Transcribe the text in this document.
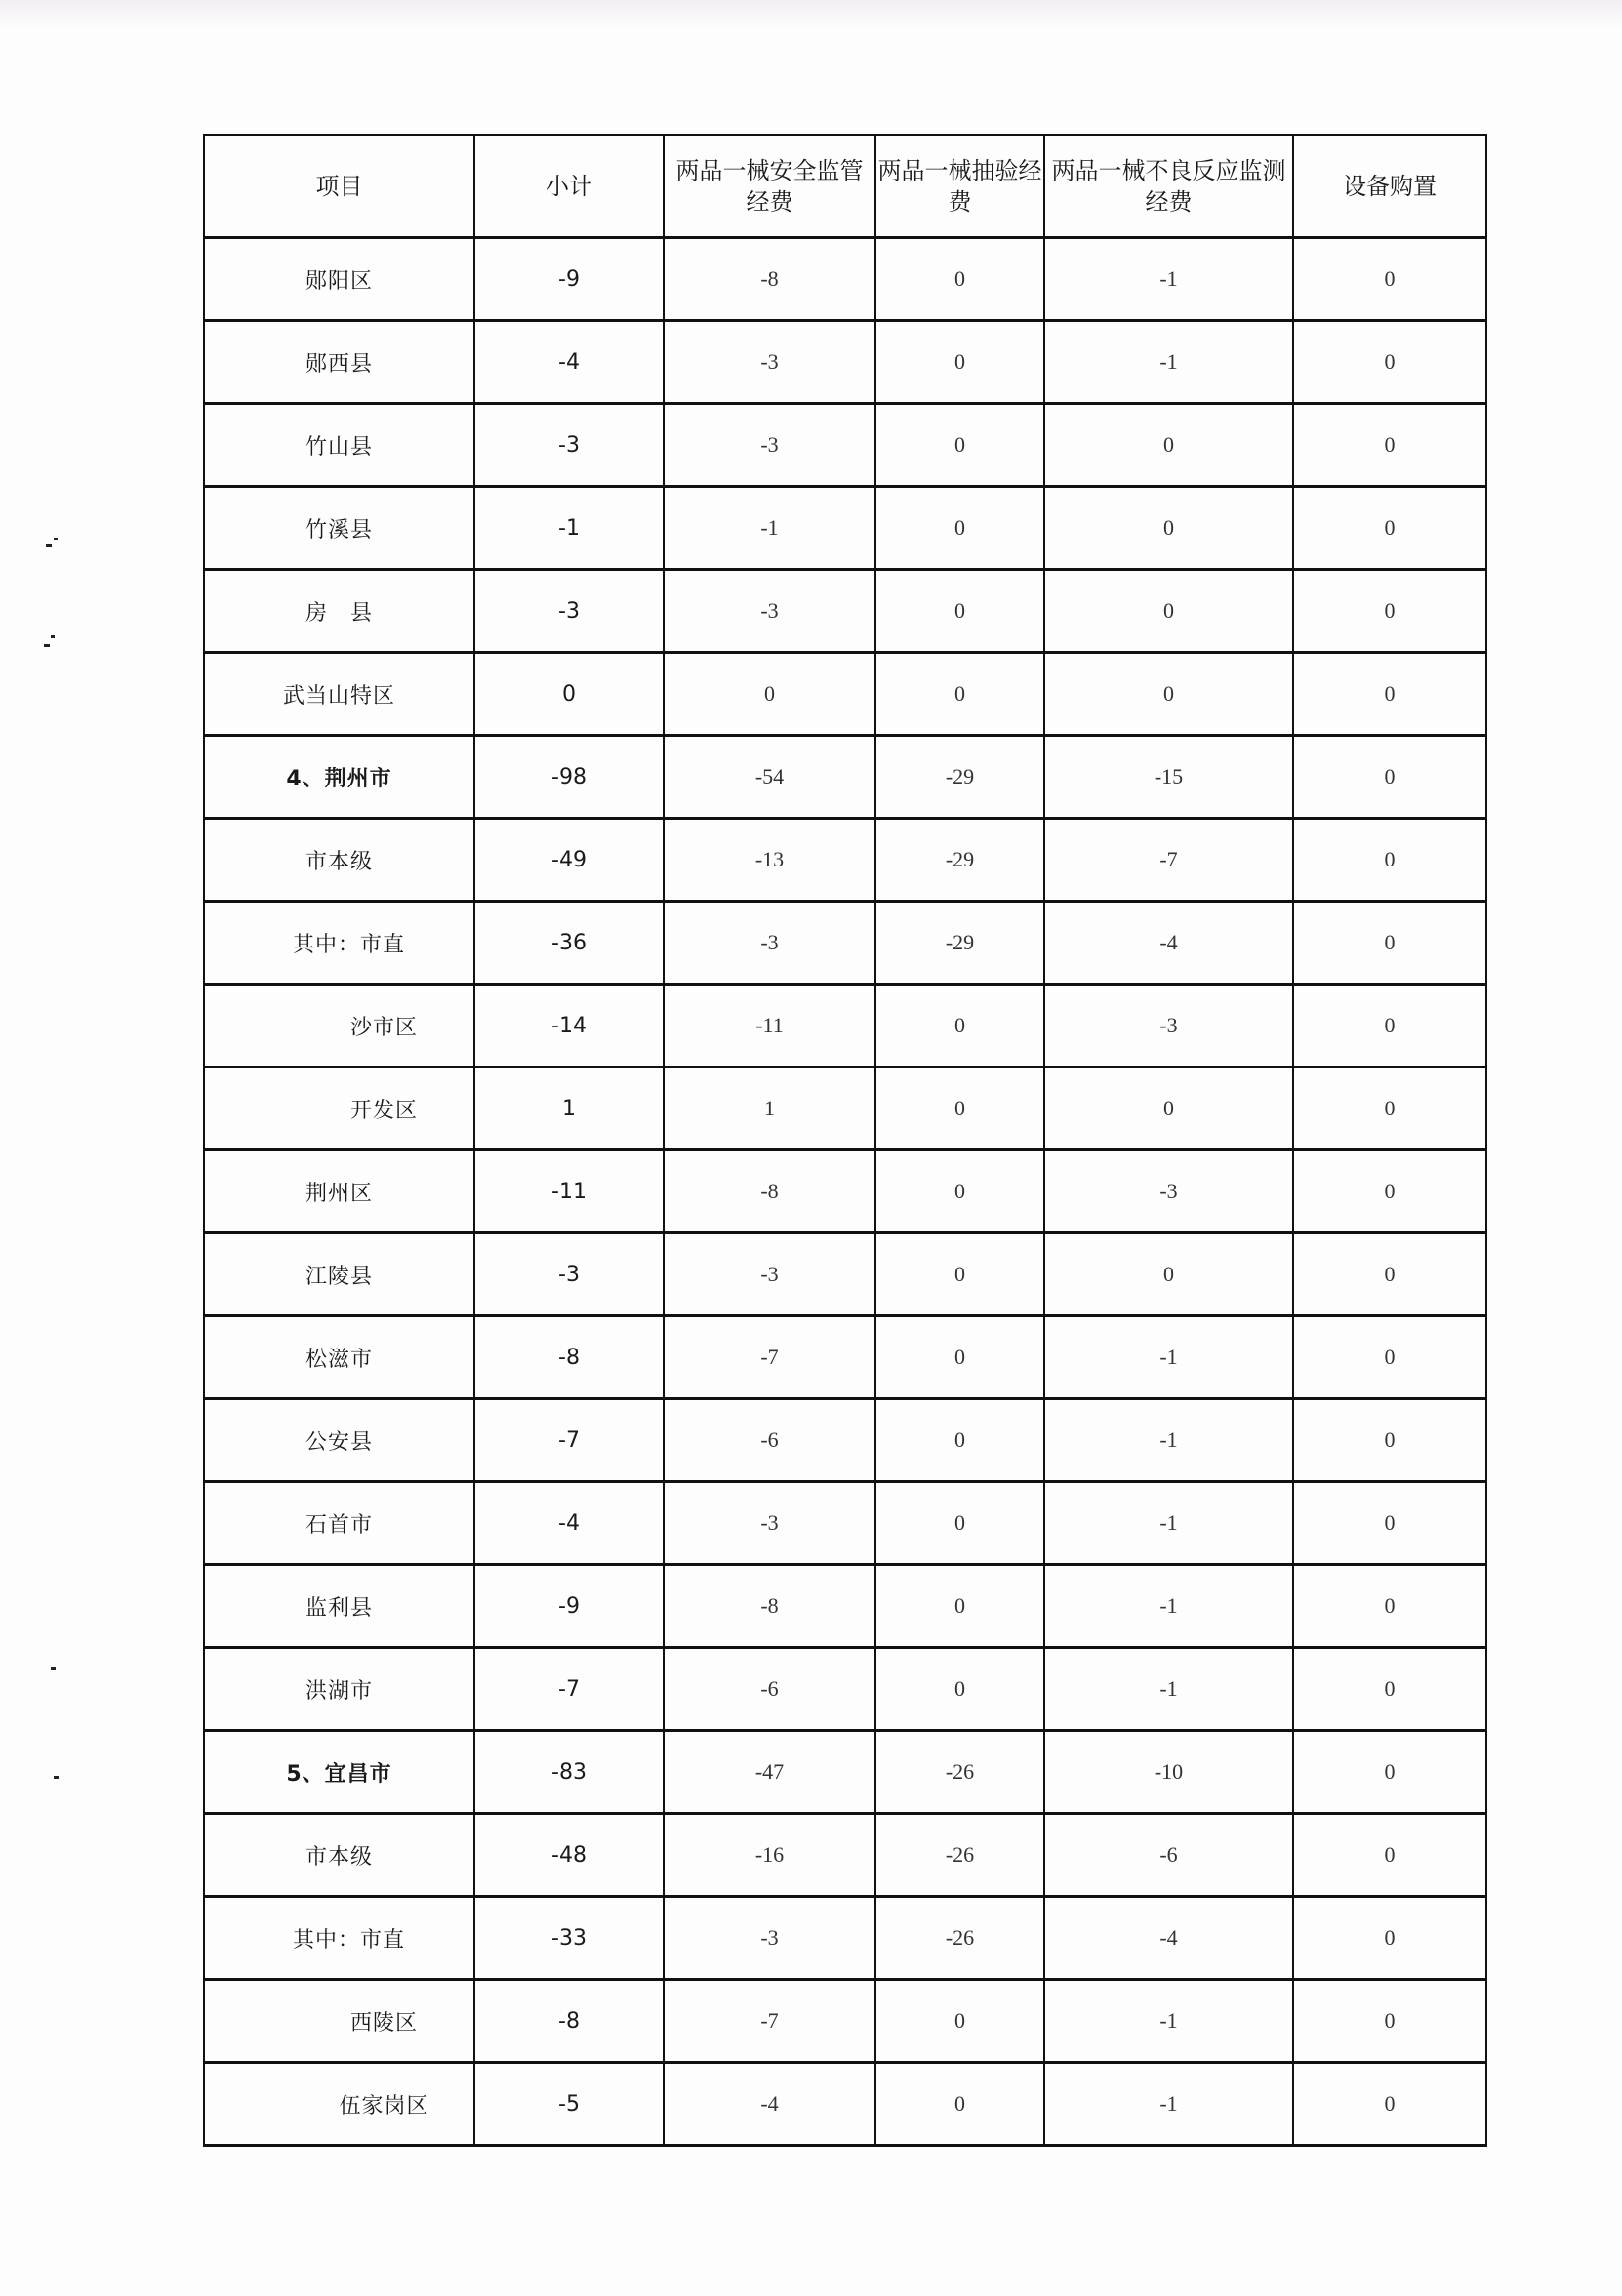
项目	小计	两品一械安全监管经费	两品一械抽验经费	两品一械不良反应监测经费	设备购置
郧阳区	-9	-8	0	-1	0
郧西县	-4	-3	0	-1	0
竹山县	-3	-3	0	0	0
竹溪县	-1	-1	0	0	0
房　县	-3	-3	0	0	0
武当山特区	0	0	0	0	0
4、荆州市	-98	-54	-29	-15	0
市本级	-49	-13	-29	-7	0
其中：市直	-36	-3	-29	-4	0
沙市区	-14	-11	0	-3	0
开发区	1	1	0	0	0
荆州区	-11	-8	0	-3	0
江陵县	-3	-3	0	0	0
松滋市	-8	-7	0	-1	0
公安县	-7	-6	0	-1	0
石首市	-4	-3	0	-1	0
监利县	-9	-8	0	-1	0
洪湖市	-7	-6	0	-1	0
5、宜昌市	-83	-47	-26	-10	0
市本级	-48	-16	-26	-6	0
其中：市直	-33	-3	-26	-4	0
西陵区	-8	-7	0	-1	0
伍家岗区	-5	-4	0	-1	0
